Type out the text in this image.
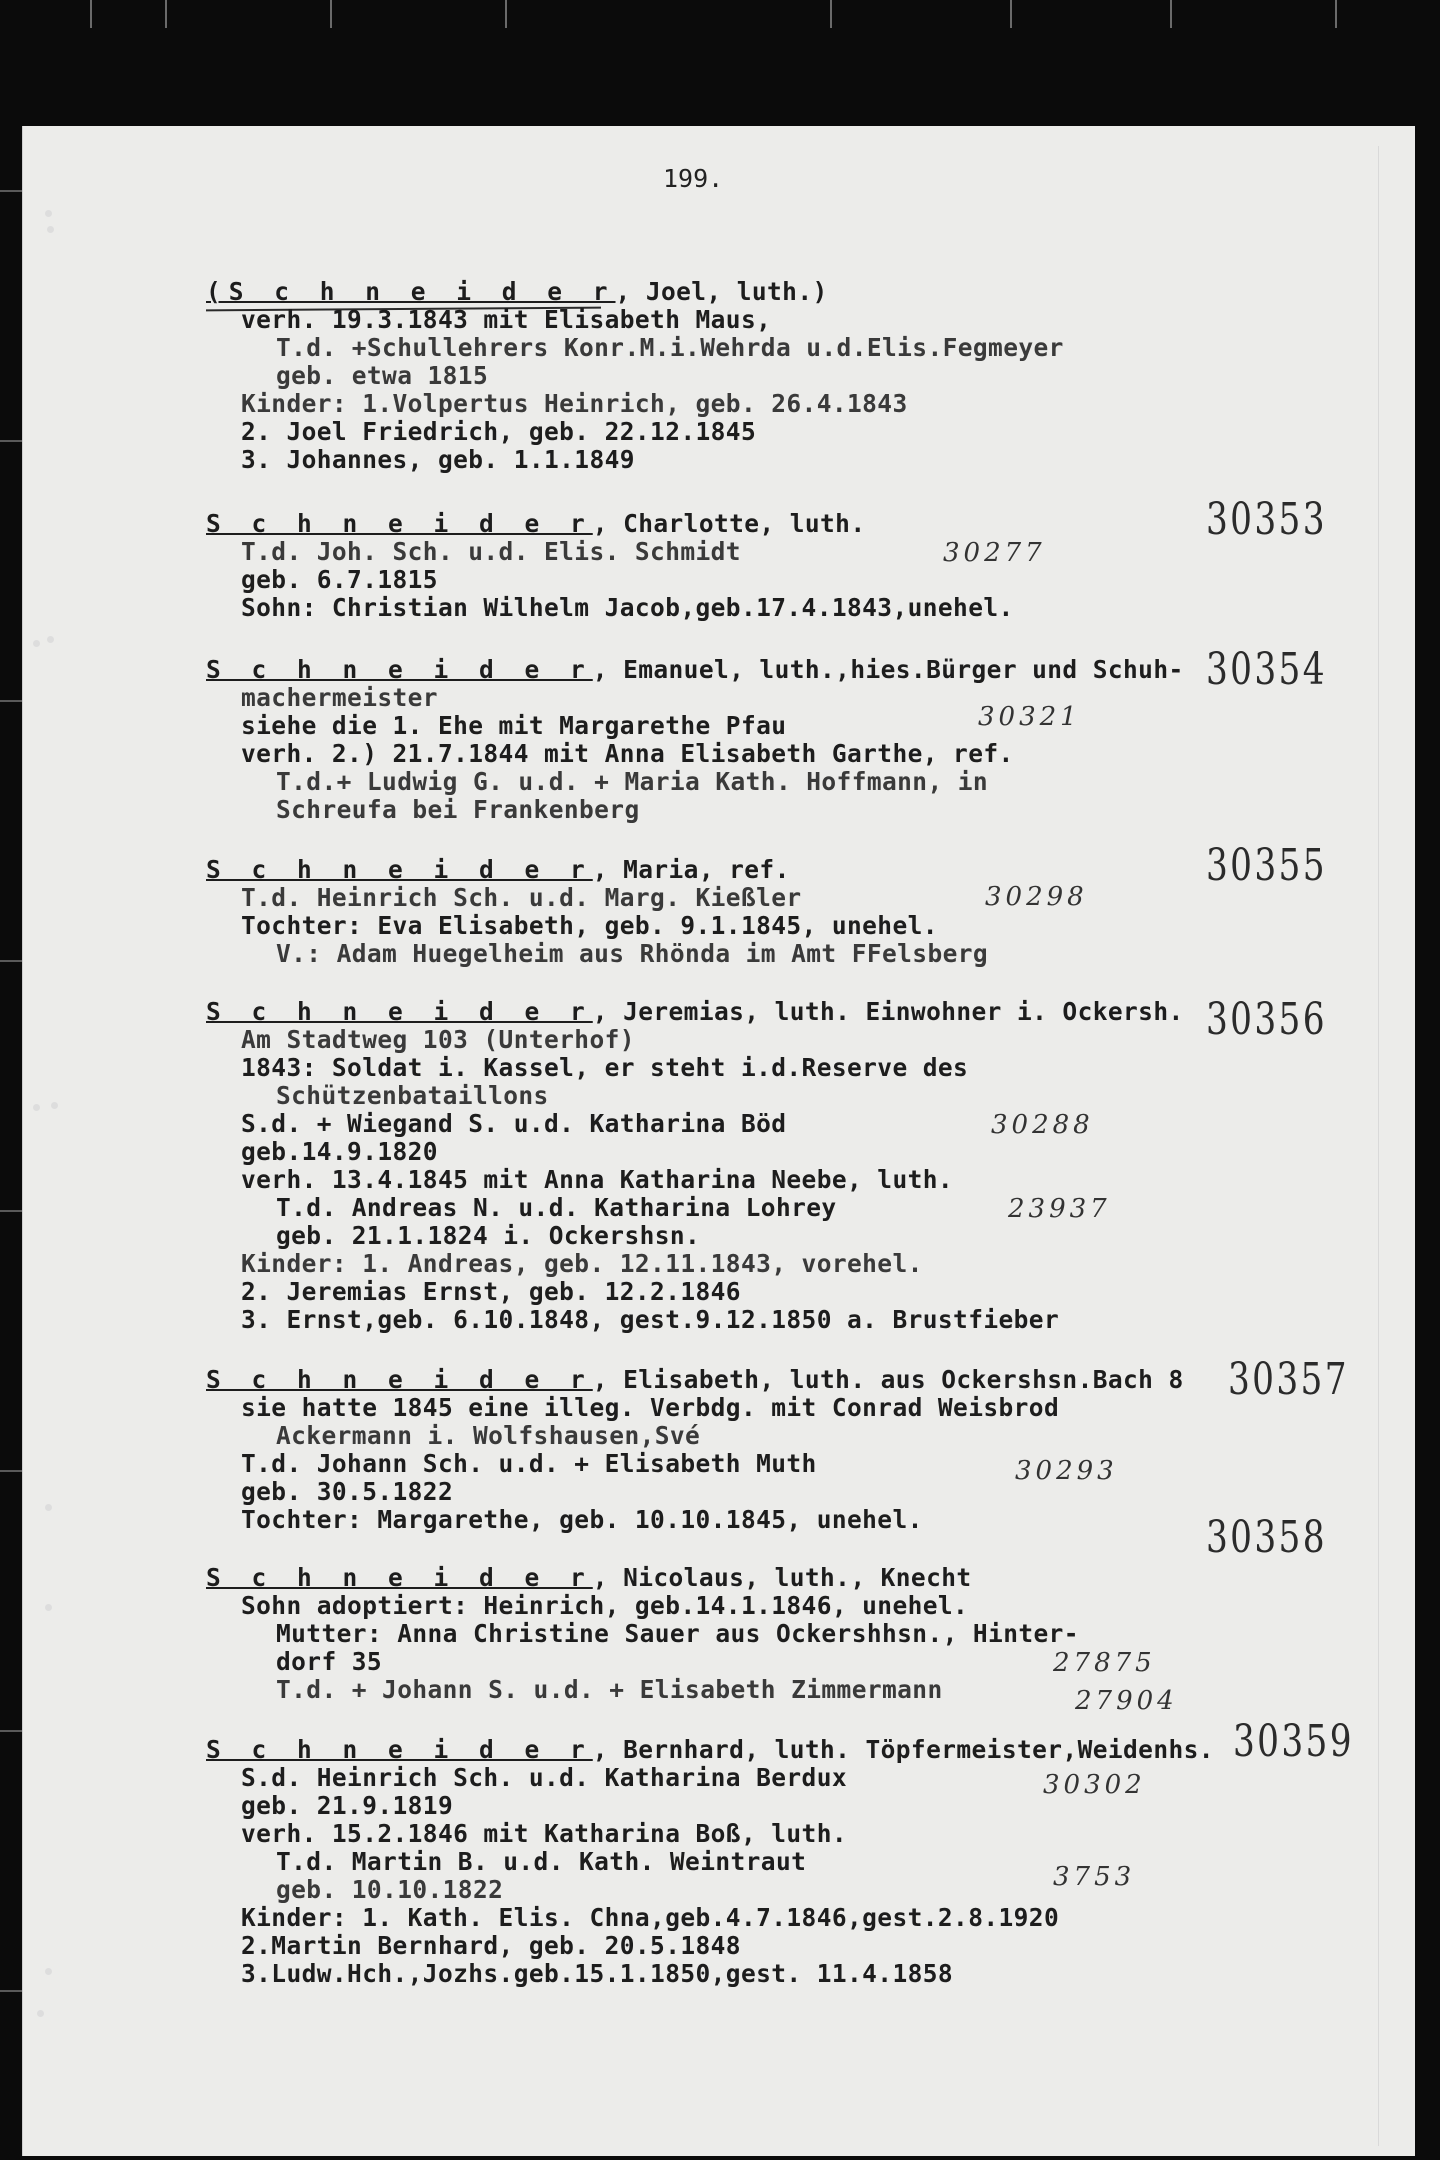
199.
(S c h n e i d e r, Joel, luth.)
verh. 19.3.1843 mit Elisabeth Maus,
T.d. +Schullehrers Konr.M.i.Wehrda u.d.Elis.Fegmeyer
geb. etwa 1815
Kinder: 1.Volpertus Heinrich, geb. 26.4.1843
2. Joel Friedrich, geb. 22.12.1845
3. Johannes, geb. 1.1.1849
S c h n e i d e r, Charlotte, luth.
T.d. Joh. Sch. u.d. Elis. Schmidt
geb. 6.7.1815
Sohn: Christian Wilhelm Jacob,geb.17.4.1843,unehel.
30353
30277
S c h n e i d e r, Emanuel, luth.,hies.Bürger und Schuh-
machermeister
siehe die 1. Ehe mit Margarethe Pfau
verh. 2.) 21.7.1844 mit Anna Elisabeth Garthe, ref.
T.d.+ Ludwig G. u.d. + Maria Kath. Hoffmann, in
Schreufa bei Frankenberg
30354
30321
S c h n e i d e r, Maria, ref.
T.d. Heinrich Sch. u.d. Marg. Kießler
Tochter: Eva Elisabeth, geb. 9.1.1845, unehel.
V.: Adam Huegelheim aus Rhönda im Amt FFelsberg
30355
30298
S c h n e i d e r, Jeremias, luth. Einwohner i. Ockersh.
Am Stadtweg 103 (Unterhof)
1843: Soldat i. Kassel, er steht i.d.Reserve des
Schützenbataillons
S.d. + Wiegand S. u.d. Katharina Böd
geb.14.9.1820
verh. 13.4.1845 mit Anna Katharina Neebe, luth.
T.d. Andreas N. u.d. Katharina Lohrey
geb. 21.1.1824 i. Ockershsn.
Kinder: 1. Andreas, geb. 12.11.1843, vorehel.
2. Jeremias Ernst, geb. 12.2.1846
3. Ernst,geb. 6.10.1848, gest.9.12.1850 a. Brustfieber
30356
30288
23937
S c h n e i d e r, Elisabeth, luth. aus Ockershsn.Bach 8
sie hatte 1845 eine illeg. Verbdg. mit Conrad Weisbrod
Ackermann i. Wolfshausen,Své
T.d. Johann Sch. u.d. + Elisabeth Muth
geb. 30.5.1822
Tochter: Margarethe, geb. 10.10.1845, unehel.
30357
30293
S c h n e i d e r, Nicolaus, luth., Knecht
Sohn adoptiert: Heinrich, geb.14.1.1846, unehel.
Mutter: Anna Christine Sauer aus Ockershhsn., Hinter-
dorf 35
T.d. + Johann S. u.d. + Elisabeth Zimmermann
30358
27875
27904
S c h n e i d e r, Bernhard, luth. Töpfermeister,Weidenhs.
S.d. Heinrich Sch. u.d. Katharina Berdux
geb. 21.9.1819
verh. 15.2.1846 mit Katharina Boß, luth.
T.d. Martin B. u.d. Kath. Weintraut
geb. 10.10.1822
Kinder: 1. Kath. Elis. Chna,geb.4.7.1846,gest.2.8.1920
2.Martin Bernhard, geb. 20.5.1848
3.Ludw.Hch.,Jozhs.geb.15.1.1850,gest. 11.4.1858
30359
30302
3753
